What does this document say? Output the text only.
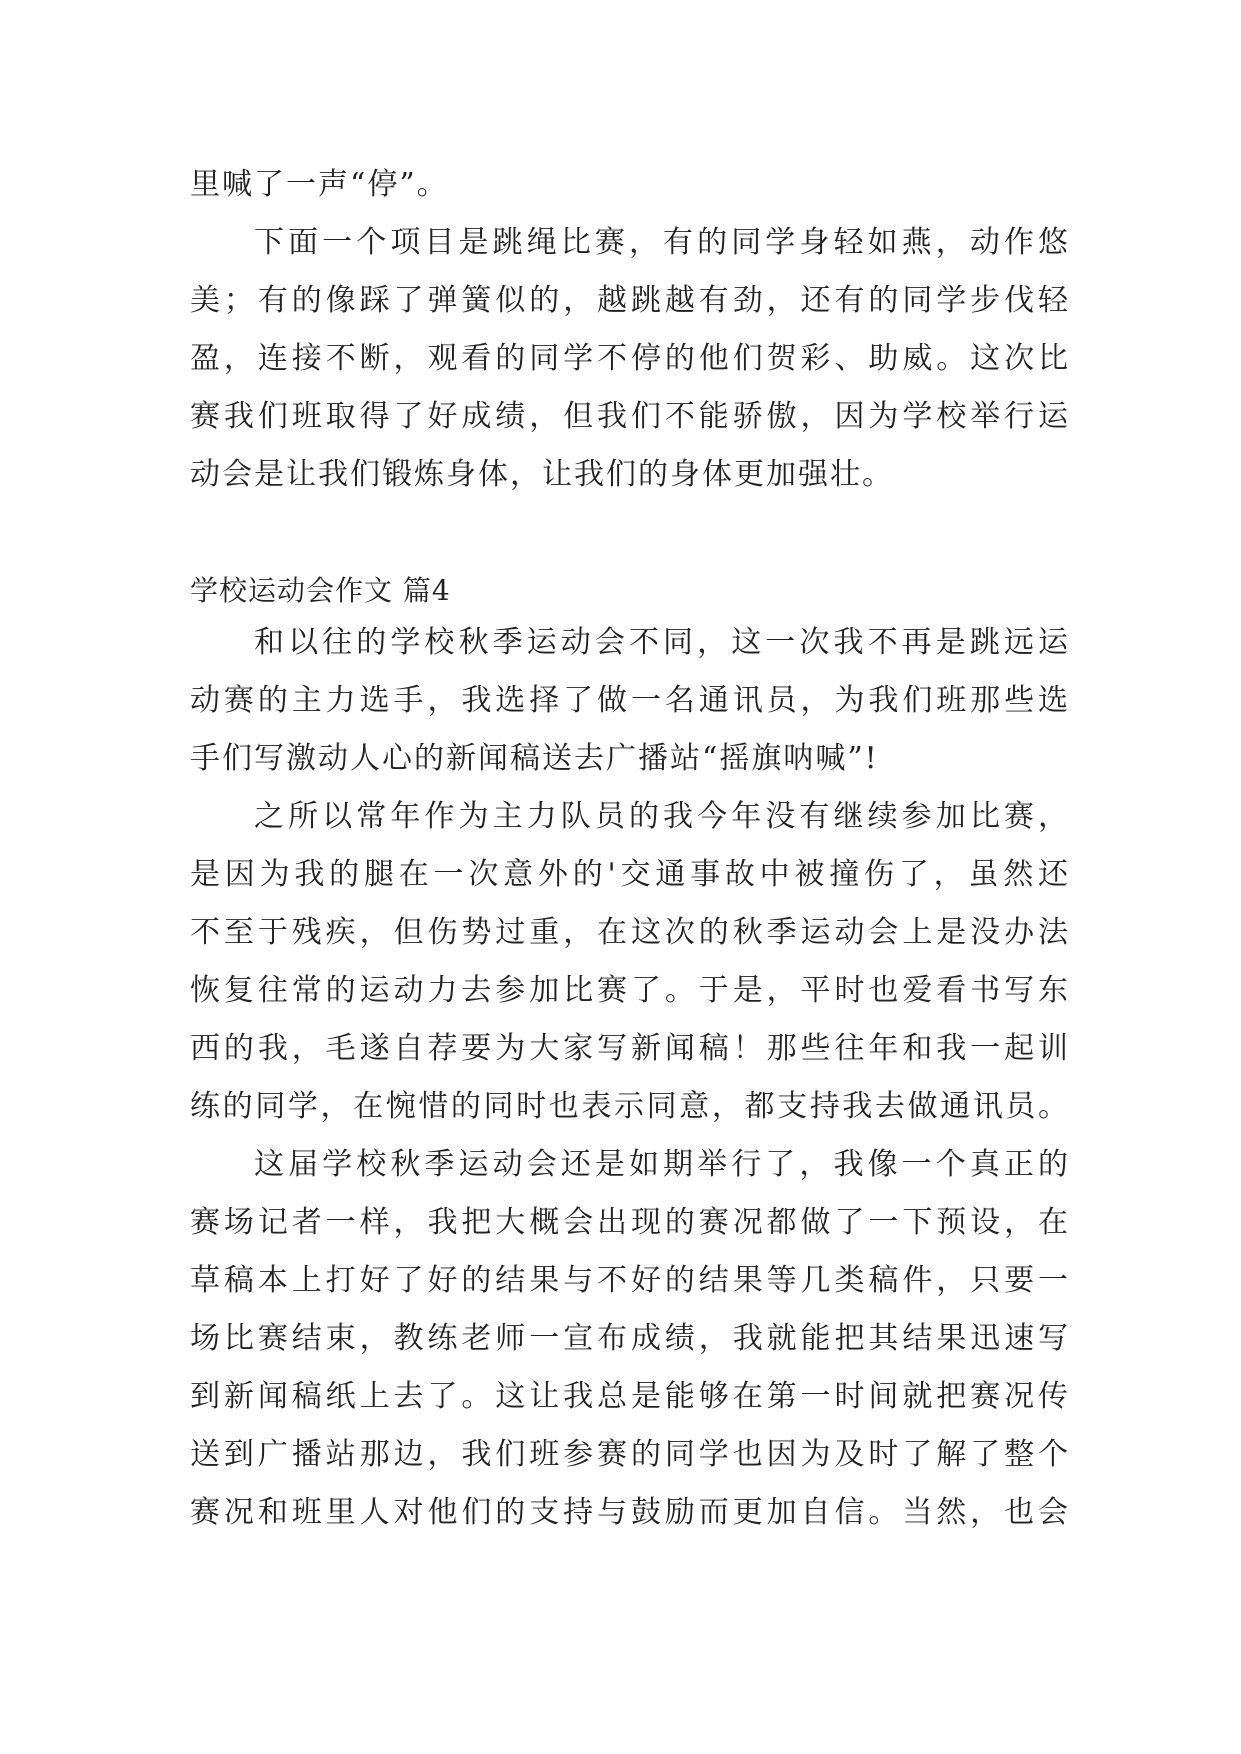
里喊了一声“停”。
下面一个项目是跳绳比赛，有的同学身轻如燕，动作悠
美；有的像踩了弹簧似的，越跳越有劲，还有的同学步伐轻
盈，连接不断，观看的同学不停的他们贺彩、助威。这次比
赛我们班取得了好成绩，但我们不能骄傲，因为学校举行运
动会是让我们锻炼身体，让我们的身体更加强壮。
学校运动会作文 篇4
和以往的学校秋季运动会不同，这一次我不再是跳远运
动赛的主力选手，我选择了做一名通讯员，为我们班那些选
手们写激动人心的新闻稿送去广播站“摇旗呐喊”!
之所以常年作为主力队员的我今年没有继续参加比赛，
是因为我的腿在一次意外的'交通事故中被撞伤了，虽然还
不至于残疾，但伤势过重，在这次的秋季运动会上是没办法
恢复往常的运动力去参加比赛了。于是，平时也爱看书写东
西的我，毛遂自荐要为大家写新闻稿！那些往年和我一起训
练的同学，在惋惜的同时也表示同意，都支持我去做通讯员。
这届学校秋季运动会还是如期举行了，我像一个真正的
赛场记者一样，我把大概会出现的赛况都做了一下预设，在
草稿本上打好了好的结果与不好的结果等几类稿件，只要一
场比赛结束，教练老师一宣布成绩，我就能把其结果迅速写
到新闻稿纸上去了。这让我总是能够在第一时间就把赛况传
送到广播站那边，我们班参赛的同学也因为及时了解了整个
赛况和班里人对他们的支持与鼓励而更加自信。当然，也会
